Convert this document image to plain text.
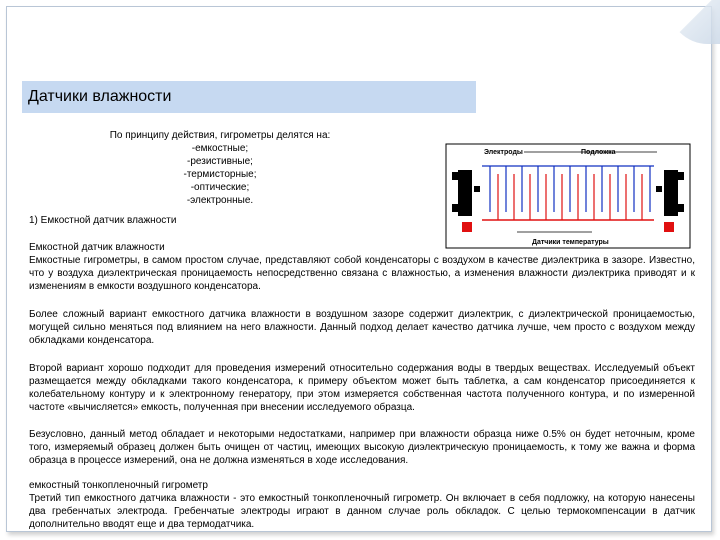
Датчики влажности
По принципу действия, гигрометры делятся на:
-емкостные;
-резистивные;
-термисторные;
-оптические;
-электронные.
1) Емкостной датчик влажности
Электроды	Подложка
Датчики температуры

Емкостной датчик влажности
Емкостные гигрометры, в самом простом случае, представляют собой конденсаторы с воздухом в качестве диэлектрика в зазоре. Известно, что у воздуха диэлектрическая проницаемость непосредственно связана с влажностью, а изменения влажности диэлектрика приводят и к изменениям в емкости воздушного конденсатора.

Более сложный вариант емкостного датчика влажности в воздушном зазоре содержит диэлектрик, с диэлектрической проницаемостью, могущей сильно меняться под влиянием на него влажности. Данный подход делает качество датчика лучше, чем просто с воздухом между обкладками конденсатора.

Второй вариант хорошо подходит для проведения измерений относительно содержания воды в твердых веществах. Исследуемый объект размещается между обкладками такого конденсатора, к примеру объектом может быть таблетка, а сам конденсатор присоединяется к колебательному контуру и к электронному генератору, при этом измеряется собственная частота полученного контура, и по измеренной частоте «вычисляется» емкость, полученная при внесении исследуемого образца.

Безусловно, данный метод обладает и некоторыми недостатками, например при влажности образца ниже 0.5% он будет неточным, кроме того, измеряемый образец должен быть очищен от частиц, имеющих высокую диэлектрическую проницаемость, к тому же важна и форма образца в процессе измерений, она не должна изменяться в ходе исследования.

емкостный тонкопленочный гигрометр
Третий тип емкостного датчика влажности - это емкостный тонкопленочный гигрометр. Он включает в себя подложку, на которую нанесены два гребенчатых электрода. Гребенчатые электроды играют в данном случае роль обкладок. С целью термокомпенсации в датчик дополнительно вводят еще и два термодатчика.
